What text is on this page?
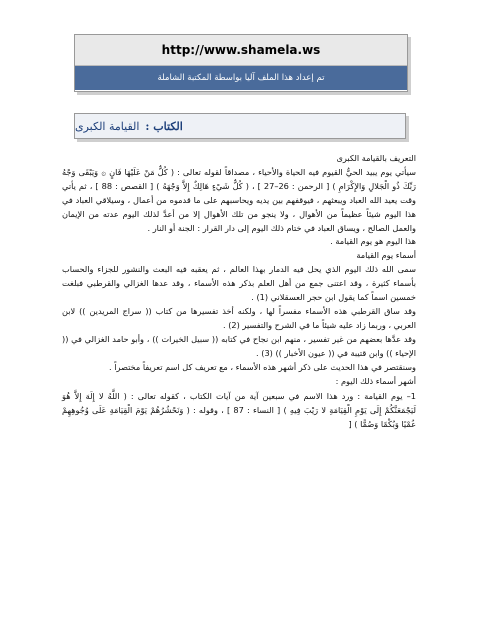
http://www.shamela.ws
تم إعداد هذا الملف آليا بواسطة المكتبة الشاملة
الكتاب :
القيامة الكبرى

التعريف بالقيامة الكبرى

سيأتي يوم يبيد الحيُّ القيوم فيه الحياة والأحياء ، مصداقاً لقوله تعالى : ( كُلُّ مَنْ عَلَيْهَا فَانٍ ۞ وَيَبْقَى وَجْهُ رَبِّكَ ذُو الْجَلالِ وَالإِكْرَامِ ) [ الرحمن : 26–27 ] ، ( كُلُّ شَيْءٍ هَالِكٌ إِلاَّ وَجْهَهُ ) [ القصص : 88 ] ، ثم يأتي وقت يعيد الله العباد ويبعثهم ، فيوقفهم بين يديه ويحاسبهم على ما قدموه من أعمال ، وسيلاقي العباد في هذا اليوم شيئاً عظيماً من الأهوال ، ولا ينجو من تلك الأهوال إلا من أعدَّ لذلك اليوم عدته من الإيمان والعمل الصالح ، ويساق العباد في ختام ذلك اليوم إلى دار القرار : الجنة أو النار .

هذا اليوم هو يوم القيامة .

أسماء يوم القيامة

سمى الله ذلك اليوم الذي يحل فيه الدمار بهذا العالم ، ثم يعقبه فيه البعث والنشور للجزاء والحساب بأسماء كثيرة ، وقد اعتنى جمع من أهل العلم بذكر هذه الأسماء ، وقد عدها الغزالي والقرطبي فبلغت خمسين اسماً كما يقول ابن حجر العسقلاني (1) .

وقد ساق القرطبي هذه الأسماء مفسراً لها ، ولكنه أخذ تفسيرها من كتاب (( سراج المريدين )) لابن العربي ، وربما زاد عليه شيئاً ما في الشرح والتفسير (2) .

وقد عدَّها بعضهم من غير تفسير ، منهم ابن نجاح في كتابه (( سبيل الخيرات )) ، وأبو حامد الغزالي في (( الإحياء )) وابن قتيبة في (( عيون الأخبار )) (3) .

وسنقتصر في هذا الحديث على ذكر أشهر هذه الأسماء ، مع تعريف كل اسم تعريفاً مختصراً .

أشهر أسماء ذلك اليوم :

1– يوم القيامة : ورد هذا الاسم في سبعين آية من آيات الكتاب ، كقوله تعالى : ( اللَّهُ لا إِلَهَ إِلاَّ هُوَ لَيَجْمَعَنَّكُمْ إِلَى يَوْمِ الْقِيَامَةِ لا رَيْبَ فِيهِ ) [ النساء : 87 ] ، وقوله : ( وَنَحْشُرُهُمْ يَوْمَ الْقِيَامَةِ عَلَى وُجُوهِهِمْ عُمْيًا وَبُكْمًا وَصُمًّا ) [
